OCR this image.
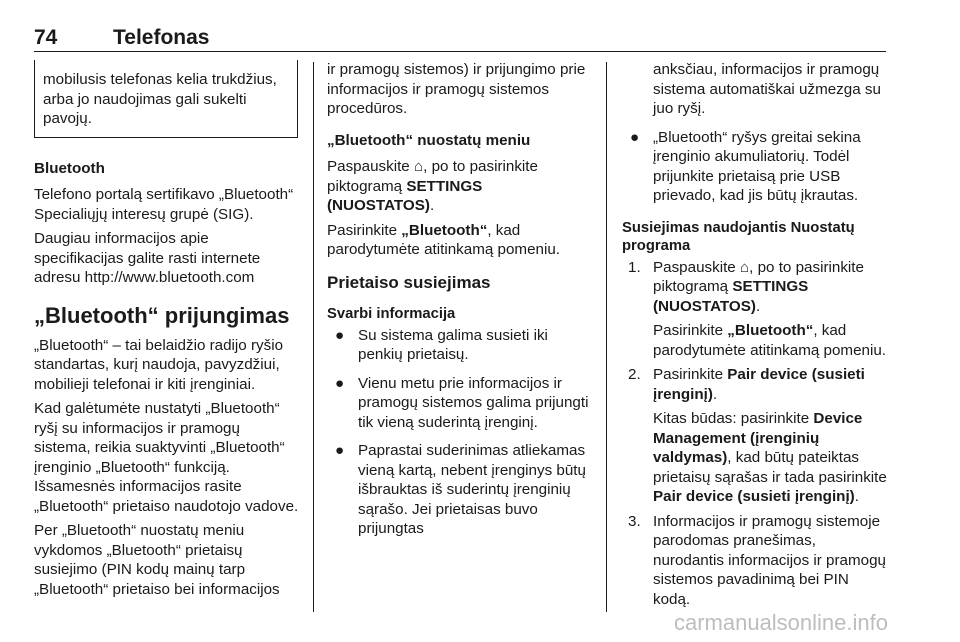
74	Telefonas

mobilusis telefonas kelia trukdžius, arba jo naudojimas gali sukelti pavojų.

Bluetooth

Telefono portalą sertifikavo „Bluetooth“ Specialiųjų interesų grupė (SIG).

Daugiau informacijos apie specifikacijas galite rasti internete adresu http://www.bluetooth.com

„Bluetooth“ prijungimas

„Bluetooth“ – tai belaidžio radijo ryšio standartas, kurį naudoja, pavyzdžiui, mobilieji telefonai ir kiti įrenginiai.

Kad galėtumėte nustatyti „Bluetooth“ ryšį su informacijos ir pramogų sistema, reikia suaktyvinti „Bluetooth“ įrenginio „Bluetooth“ funkciją. Išsamesnės informacijos rasite „Bluetooth“ prietaiso naudotojo vadove.

Per „Bluetooth“ nuostatų meniu vykdomos „Bluetooth“ prietaisų susiejimo (PIN kodų mainų tarp „Bluetooth“ prietaiso bei informacijos

ir pramogų sistemos) ir prijungimo prie informacijos ir pramogų sistemos procedūros.

„Bluetooth“ nuostatų meniu

Paspauskite ⌂, po to pasirinkite piktogramą SETTINGS (NUOSTATOS).

Pasirinkite „Bluetooth“, kad parodytumėte atitinkamą pomeniu.

Prietaiso susiejimas
Svarbi informacija
● Su sistema galima susieti iki penkių prietaisų.
● Vienu metu prie informacijos ir pramogų sistemos galima prijungti tik vieną suderintą įrenginį.
● Paprastai suderinimas atliekamas vieną kartą, nebent įrenginys būtų išbrauktas iš suderintų įrenginių sąrašo. Jei prietaisas buvo prijungtas

anksčiau, informacijos ir pramogų sistema automatiškai užmezga su juo ryšį.

● „Bluetooth“ ryšys greitai sekina įrenginio akumuliatorių. Todėl prijunkite prietaisą prie USB prievado, kad jis būtų įkrautas.
Susiejimas naudojantis Nuostatų programa
1. Paspauskite ⌂, po to pasirinkite piktogramą SETTINGS (NUOSTATOS).

Pasirinkite „Bluetooth“, kad parodytumėte atitinkamą pomeniu.

2. Pasirinkite Pair device (susieti įrenginį).

Kitas būdas: pasirinkite Device Management (įrenginių valdymas), kad būtų pateiktas prietaisų sąrašas ir tada pasirinkite Pair device (susieti įrenginį).

3. Informacijos ir pramogų sistemoje parodomas pranešimas, nurodantis informacijos ir pramogų sistemos pavadinimą bei PIN kodą.

carmanualsonline.info
